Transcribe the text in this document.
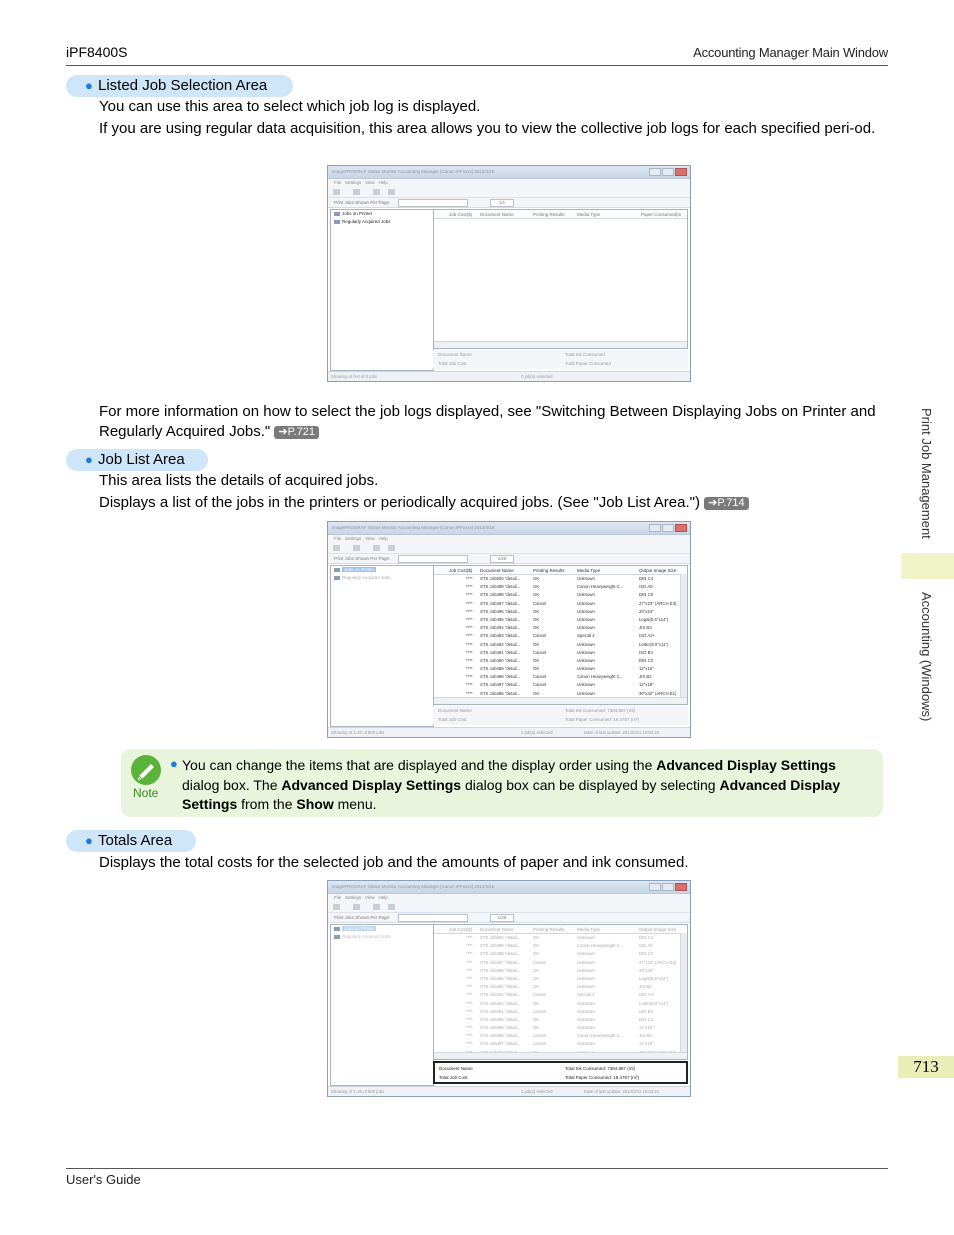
iPF8400S	Accounting Manager Main Window
Print Job Management
Accounting (Windows)
713
● Listed Job Selection Area
You can use this area to select which job log is displayed.
If you are using regular data acquisition, this area allows you to view the collective job logs for each specified peri-od.
imagePROGRAF Status Monitor Accounting Manager [Canon iPFxxxx] 2012/4/16
File Settings View Help
Print Jobs Shown Per Page:	1/1
Jobs on Printer
Regularly Acquired Jobs
Job Cost($) Document Name	Printing Results	Media Type	Paper Consumed(m
Document Name
Total Job Cost
Total Ink Consumed
Total Paper Consumed
Showing of 0-0 of 0 jobs	0 job(s) selected
For more information on how to select the job logs displayed, see "Switching Between Displaying Jobs on Printer and Regularly Acquired Jobs." ➔P.721
● Job List Area
This area lists the details of acquired jobs.
Displays a list of the jobs in the printers or periodically acquired jobs. (See "Job List Area.") ➔P.714
imagePROGRAF Status Monitor Accounting Manager [Canon iPFxxxx] 2012/4/16
File Settings View Help
Print Jobs Shown Per Page:	1/25
Jobs on Printer
Regularly Acquired Jobs
Job Cost($) Document Name	Printing Results	Media Type	Output Image Size
**** STS Job500 "detail...	OK	Unknown	DIN C4
**** STS Job499 "detail...	OK	Canon Heavyweight C...	ISO A0
**** STS Job498 "detail...	OK	Unknown	DIN C0
**** STS Job497 "detail...	Cancel	Unknown	27"x23" (ARCH E3)
**** STS Job496 "detail...	OK	Unknown	20"x24"
**** STS Job495 "detail...	OK	Unknown	Legal(8.5"x14")
**** STS Job494 "detail...	OK	Unknown	JIS B3
**** STS Job493 "detail...	Cancel	Special 4	ISO A2+
**** STS Job492 "detail...	OK	Unknown	Letter(8.5"x11")
**** STS Job491 "detail...	Cancel	Unknown	ISO B4
**** STS Job490 "detail...	OK	Unknown	DIN C2
**** STS Job489 "detail...	OK	Unknown	12"x16"
**** STS Job488 "detail...	Cancel	Canon Heavyweight C...	JIS B2
**** STS Job487 "detail...	Cancel	Unknown	12"x18"
**** STS Job486 "detail...	OK	Unknown	30"x42" (ARCH E1)
Document Name
Total Job Cost
Total Ink Consumed: 7384.887 (ml)
Total Paper Consumed: 19.4767 (m²)
Showing of 1-20 of 500 jobs	1 job(s) selected	Date of last update: 2012/2/11 19:03:21
Note
● You can change the items that are displayed and the display order using the Advanced Display Settings dialog box. The Advanced Display Settings dialog box can be displayed by selecting Advanced Display Settings from the Show menu.
● Totals Area
Displays the total costs for the selected job and the amounts of paper and ink consumed.
imagePROGRAF Status Monitor Accounting Manager [Canon iPFxxxx] 2012/4/16
File Settings View Help
Print Jobs Shown Per Page:	1/25
Jobs on Printer
Regularly Acquired Jobs
Job Cost($) Document Name	Printing Results	Media Type	Output Image Size
**** STS Job500 "detail...	OK	Unknown	DIN C4
**** STS Job499 "detail...	OK	Canon Heavyweight C...	ISO A0
**** STS Job498 "detail...	OK	Unknown	DIN C0
**** STS Job497 "detail...	Cancel	Unknown	27"x23" (ARCH E3)
**** STS Job496 "detail...	OK	Unknown	20"x24"
**** STS Job495 "detail...	OK	Unknown	Legal(8.5"x14")
**** STS Job494 "detail...	OK	Unknown	JIS B3
**** STS Job493 "detail...	Cancel	Special 4	ISO A2+
**** STS Job492 "detail...	OK	Unknown	Letter(8.5"x11")
**** STS Job491 "detail...	Cancel	Unknown	ISO B4
**** STS Job490 "detail...	OK	Unknown	DIN C2
**** STS Job489 "detail...	OK	Unknown	12"x16"
**** STS Job488 "detail...	Cancel	Canon Heavyweight C...	JIS B2
**** STS Job487 "detail...	Cancel	Unknown	12"x18"
Document Name
Total Job Cost
Total Ink Consumed: 7384.887 (ml)
Total Paper Consumed: 19.4767 (m²)
Showing of 1-20 of 500 jobs	1 job(s) selected	Date of last update: 2012/2/11 19:03:21
User's Guide
